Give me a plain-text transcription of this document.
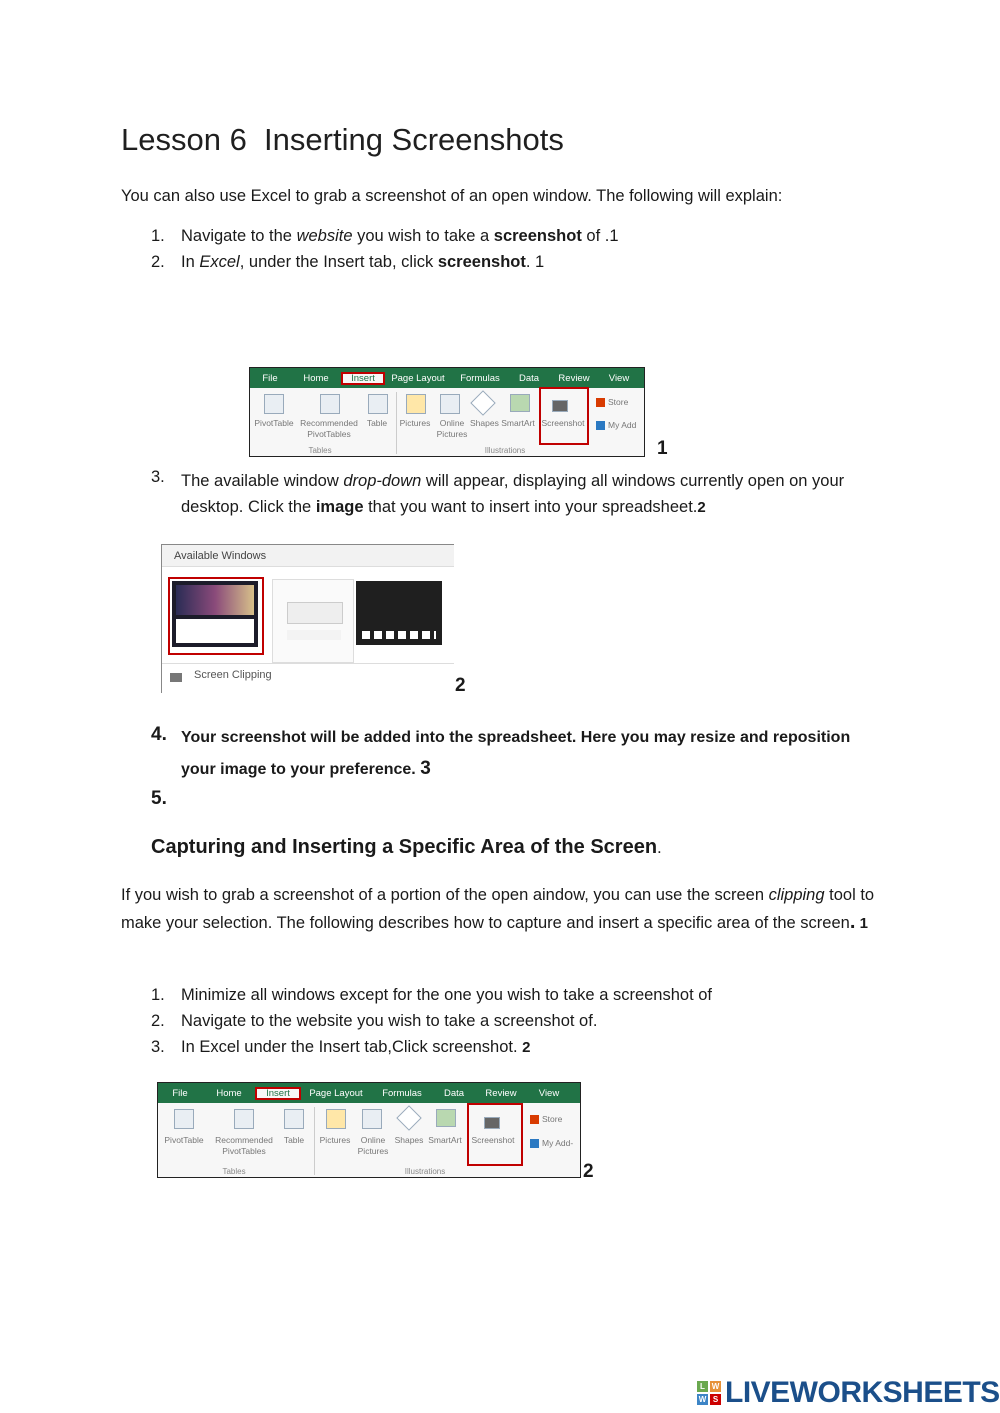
Lesson 6  Inserting Screenshots
You can also use Excel to grab a screenshot of an open window. The following will explain:
1. Navigate to the website you wish to take a screenshot of .1
2. In Excel, under the Insert tab, click screenshot. 1
File	Home	Insert	Page Layout	Formulas	Data	Review	View
PivotTable Recommended
PivotTables
Table
Tables
Pictures	Online
Pictures
Shapes SmartArt Screenshot
Illustrations
Store
My Add
1
3. The available window drop-down will appear, displaying all windows currently open on your desktop. Click the image that you want to insert into your spreadsheet.2
Available Windows
Screen Clipping	2
4. Your screenshot will be added into the spreadsheet. Here you may resize and reposition your image to your preference. 3
5.
Capturing and Inserting a Specific Area of the Screen.
If you wish to grab a screenshot of a portion of the open aindow, you can use the screen clipping tool to make your selection. The following describes how to capture and insert a specific area of the screen. 1
1. Minimize all windows except for the one you wish to take a screenshot of
2. Navigate to the website you wish to take a screenshot of.
3. In Excel under the Insert tab,Click screenshot. 2
File	Home	Insert	Page Layout	Formulas	Data	Review	View
PivotTable	Recommended
PivotTables
Table
Tables
Pictures	Online
Pictures
Shapes SmartArt	Screenshot
Illustrations
Store
My Add-
2
L W
W S LIVEWORKSHEETS
